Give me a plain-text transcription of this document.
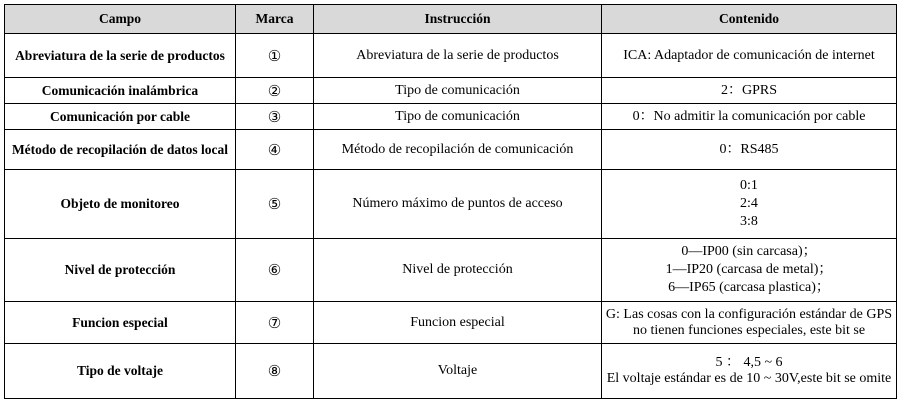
Campo	Marca	Instrucción	Contenido
Abreviatura de la serie de productos	①	Abreviatura de la serie de productos	ICA: Adaptador de comunicación de internet

Comunicación inalámbrica	②	Tipo de comunicación	2：GPRS

Comunicación por cable	③	Tipo de comunicación	0：No admitir la comunicación por cable

Método de recopilación de datos local	④	Método de recopilación de comunicación	0：RS485

Objeto de monitoreo	⑤	Número máximo de puntos de acceso	0:1
2:4
3:8

Nivel de protección	⑥	Nivel de protección	0—IP00 (sin carcasa)；
1—IP20 (carcasa de metal)；
6—IP65 (carcasa plastica)；

Funcion especial	⑦	Funcion especial	G: Las cosas con la configuración estándar de GPS no tienen funciones especiales, este bit se

Tipo de voltaje	⑧	Voltaje	5 ： 4,5 ~ 6
El voltaje estándar es de 10 ~ 30V,este bit se omite
